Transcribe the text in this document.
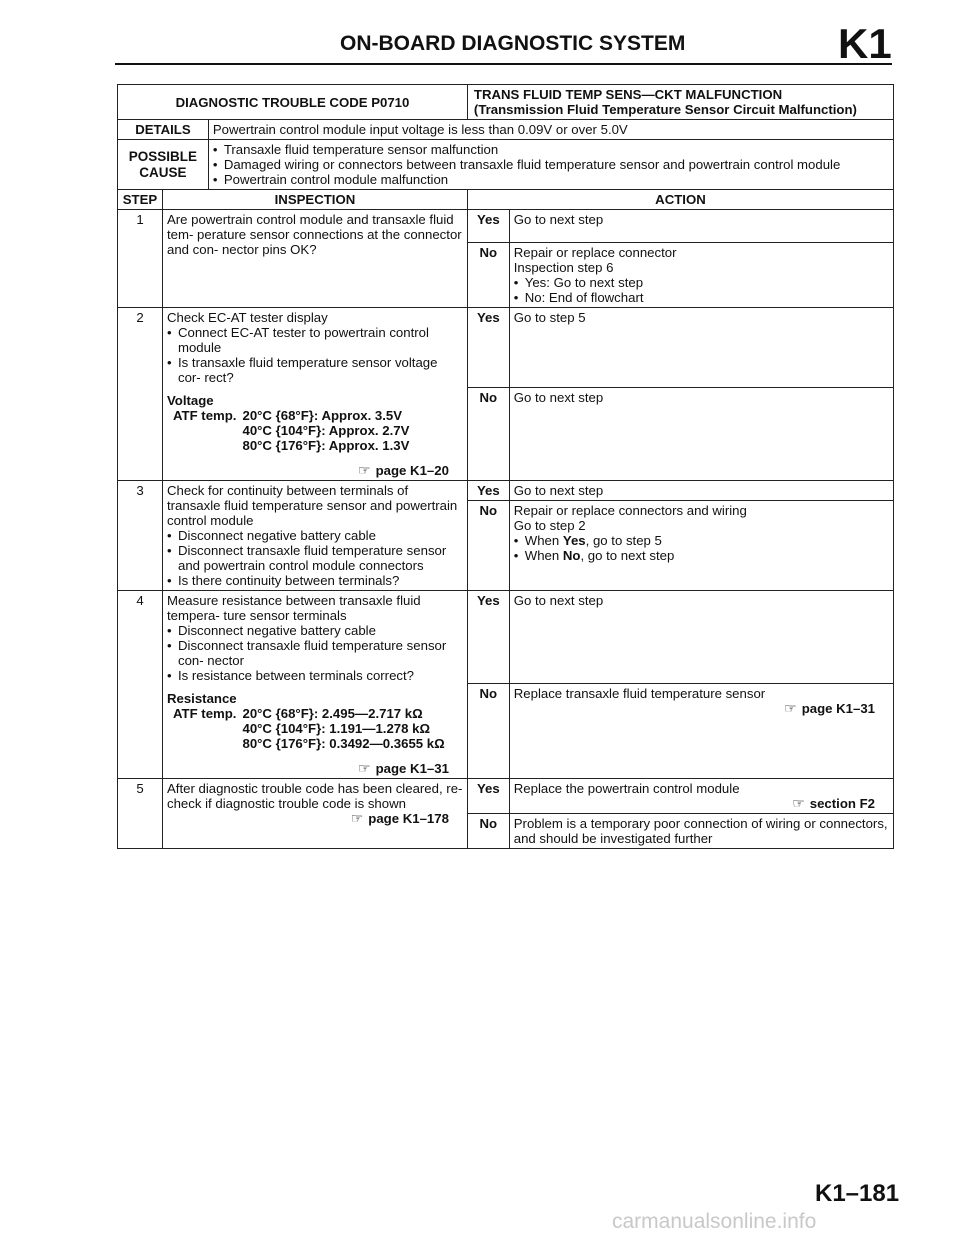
ON-BOARD DIAGNOSTIC SYSTEM	K1
DIAGNOSTIC TROUBLE CODE P0710	TRANS FLUID TEMP SENS—CKT MALFUNCTION
(Transmission Fluid Temperature Sensor Circuit Malfunction)

DETAILS	Powertrain control module input voltage is less than 0.09V or over 5.0V

POSSIBLE
CAUSE

• Transaxle fluid temperature sensor malfunction
• Damaged wiring or connectors between transaxle fluid temperature sensor and powertrain control module
• Powertrain control module malfunction

STEP	INSPECTION	ACTION
1	Are powertrain control module and transaxle fluid tem- perature sensor connections at the connector and con- nector pins OK?	Yes	Go to next step
No	Repair or replace connector
Inspection step 6
• Yes: Go to next step
• No: End of flowchart

2	Check EC-AT tester display
• Connect EC-AT tester to powertrain control module
• Is transaxle fluid temperature sensor voltage cor- rect?
Voltage
ATF temp.	20°C {68°F}: Approx. 3.5V
	40°C {104°F}: Approx. 2.7V
	80°C {176°F}: Approx. 1.3V
☞ page K1–20
	Yes	Go to step 5
No	Go to next step
3	Check for continuity between terminals of transaxle fluid temperature sensor and powertrain control module
• Disconnect negative battery cable
• Disconnect transaxle fluid temperature sensor and powertrain control module connectors
• Is there continuity between terminals?
	Yes	Go to next step
No	Repair or replace connectors and wiring
Go to step 2
• When Yes, go to step 5
• When No, go to next step

4	Measure resistance between transaxle fluid tempera- ture sensor terminals
• Disconnect negative battery cable
• Disconnect transaxle fluid temperature sensor con- nector
• Is resistance between terminals correct?
Resistance
ATF temp.	20°C {68°F}: 2.495—2.717 kΩ
	40°C {104°F}: 1.191—1.278 kΩ
	80°C {176°F}: 0.3492—0.3655 kΩ
☞ page K1–31
	Yes	Go to next step
No	Replace transaxle fluid temperature sensor
☞ page K1–31

5	After diagnostic trouble code has been cleared, re- check if diagnostic trouble code is shown
☞ page K1–178
	Yes	Replace the powertrain control module
☞ section F2

No	Problem is a temporary poor connection of wiring or connectors, and should be investigated further
K1–181
carmanualsonline.info
